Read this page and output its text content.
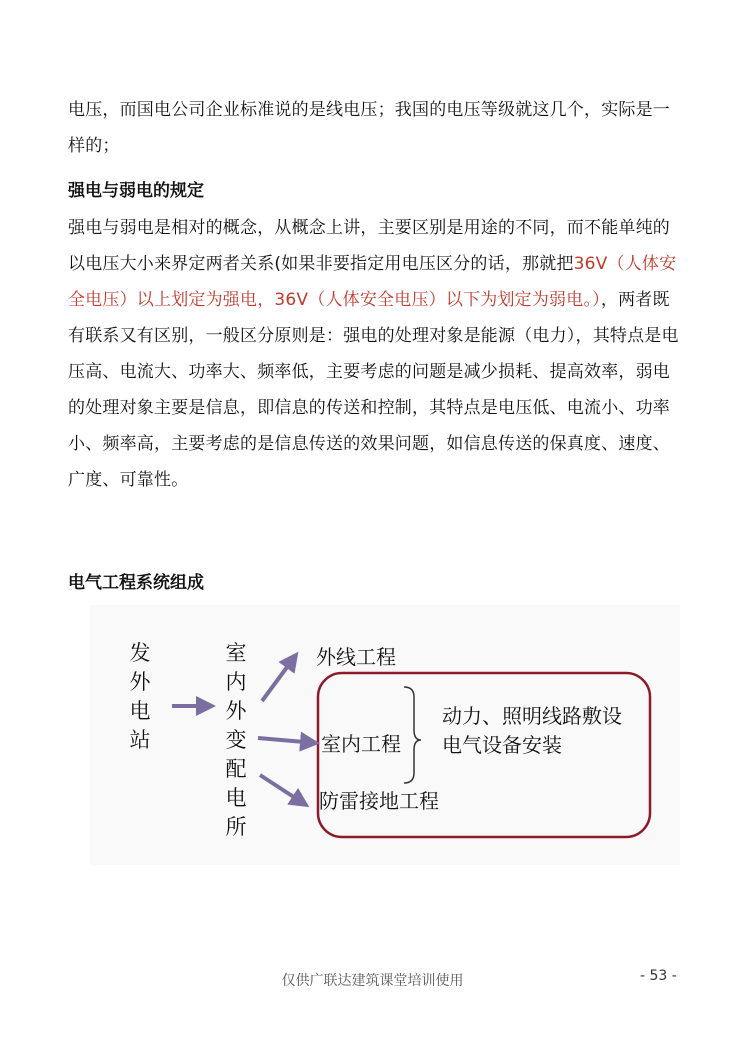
电压，而国电公司企业标准说的是线电压；我国的电压等级就这几个，实际是一
样的；
强电与弱电的规定
强电与弱电是相对的概念，从概念上讲，主要区别是用途的不同，而不能单纯的以电压大小来界定两者关系(如果非要指定用电压区分的话，那就把36V（人体安全电压）以上划定为强电，36V（人体安全电压）以下为划定为弱电。），两者既有联系又有区别，一般区分原则是：强电的处理对象是能源（电力），其特点是电压高、电流大、功率大、频率低，主要考虑的问题是减少损耗、提高效率，弱电的处理对象主要是信息，即信息的传送和控制，其特点是电压低、电流小、功率小、频率高，主要考虑的是信息传送的效果问题，如信息传送的保真度、速度、广度、可靠性。
电气工程系统组成
发
外
电
站
室
内
外
变
配
电
所
外线工程
室内工程
防雷接地工程
动力、照明线路敷设
电气设备安装
仅供广联达建筑课堂培训使用	- 53 -
